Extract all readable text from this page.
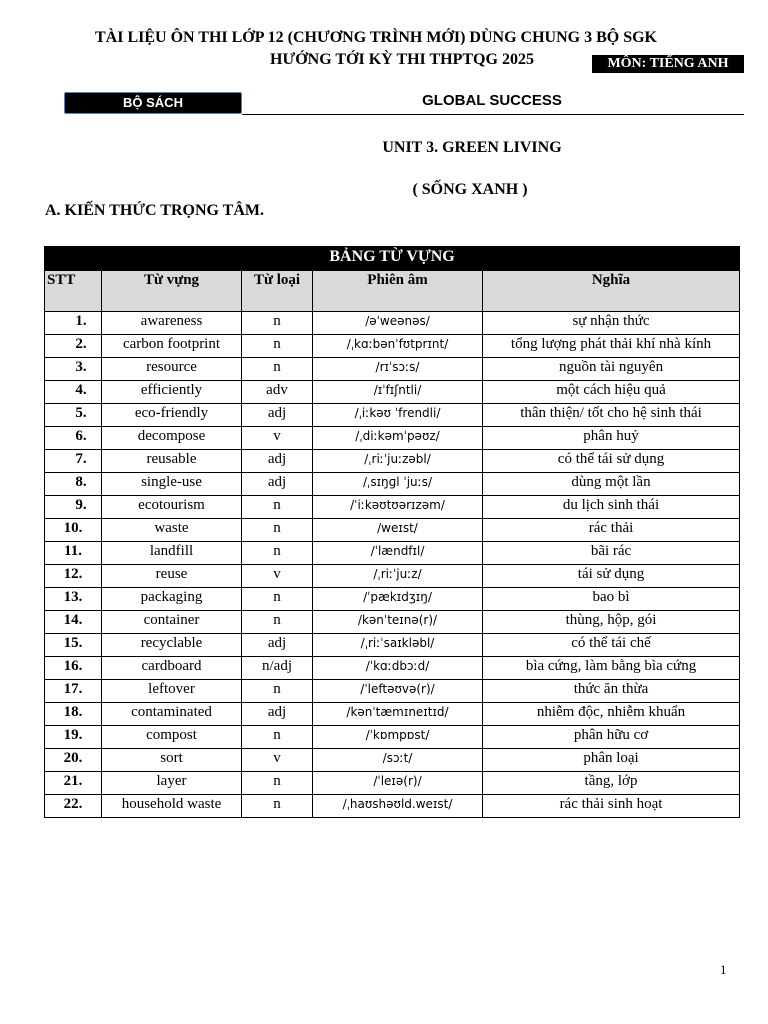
TÀI LIỆU ÔN THI LỚP 12 (CHƯƠNG TRÌNH MỚI) DÙNG CHUNG 3 BỘ SGK
HƯỚNG TỚI KỲ THI THPTQG 2025	MÔN: TIẾNG ANH
BỘ SÁCH	GLOBAL SUCCESS
UNIT 3. GREEN LIVING
( SỐNG XANH )
A. KIẾN THỨC TRỌNG TÂM.
BẢNG TỪ VỰNG				
STT	Từ vựng	Từ loại	Phiên âm	Nghĩa
1.	awareness	n	/əˈweənəs/	sự nhận thức
2.	carbon footprint	n	/ˌkɑːbənˈfʊtprɪnt/	tổng lượng phát thải khí nhà kính
3.	resource	n	/rɪˈsɔːs/	nguồn tài nguyên
4.	efficiently	adv	/ɪˈfɪʃntli/	một cách hiệu quả
5.	eco-friendly	adj	/ˌiːkəʊ ˈfrendli/	thân thiện/ tốt cho hệ sinh thái
6.	decompose	v	/ˌdiːkəmˈpəʊz/	phân huỷ
7.	reusable	adj	/ˌriːˈjuːzəbl/	có thể tái sử dụng
8.	single-use	adj	/ˌsɪŋɡl ˈjuːs/	dùng một lần
9.	ecotourism	n	/ˈiːkəʊtʊərɪzəm/	du lịch sinh thái
10.	waste	n	/weɪst/	rác thải
11.	landfill	n	/ˈlændfɪl/	bãi rác
12.	reuse	v	/ˌriːˈjuːz/	tái sử dụng
13.	packaging	n	/ˈpækɪdʒɪŋ/	bao bì
14.	container	n	/kənˈteɪnə(r)/	thùng, hộp, gói
15.	recyclable	adj	/ˌriːˈsaɪkləbl/	có thể tái chế
16.	cardboard	n/adj	/ˈkɑːdbɔːd/	bìa cứng, làm bằng bìa cứng
17.	leftover	n	/ˈleftəʊvə(r)/	thức ăn thừa
18.	contaminated	adj	/kənˈtæmɪneɪtɪd/	nhiễm độc, nhiễm khuẩn
19.	compost	n	/ˈkɒmpɒst/	phân hữu cơ
20.	sort	v	/sɔːt/	phân loại
21.	layer	n	/ˈleɪə(r)/	tầng, lớp
22.	household waste	n	/ˌhaʊshəʊld.weɪst/	rác thải sinh hoạt
1
